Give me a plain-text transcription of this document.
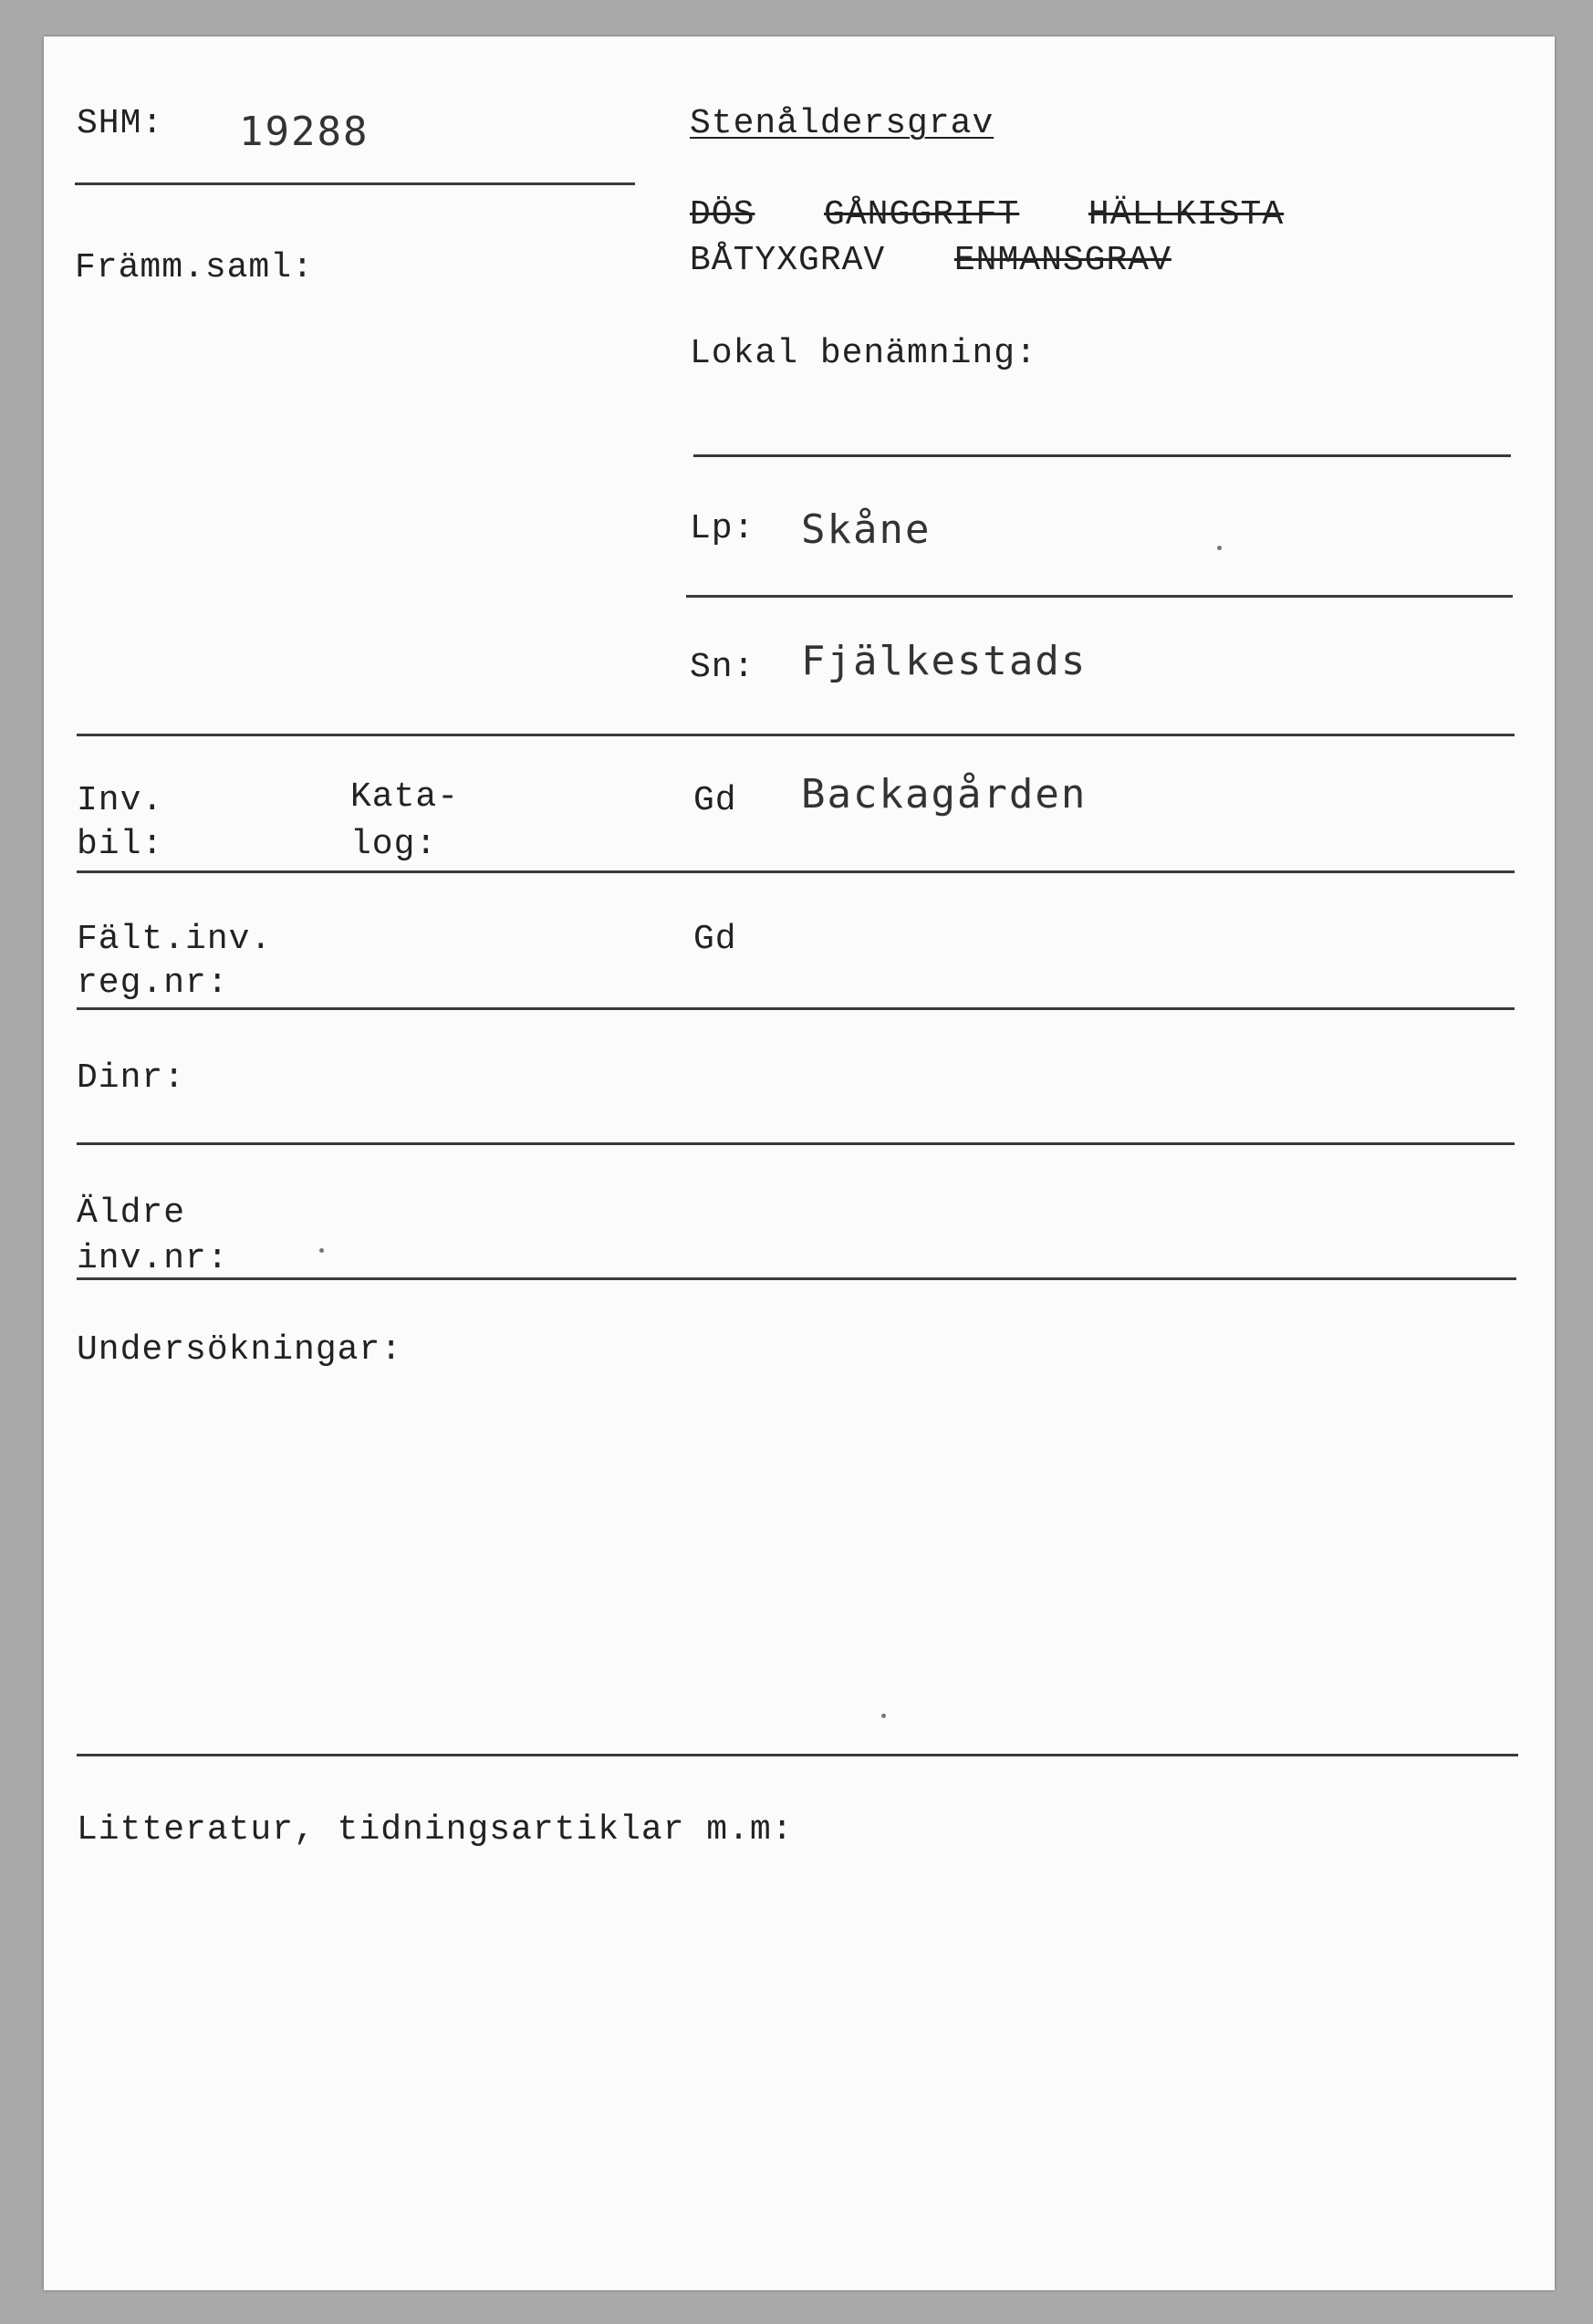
SHM: 19288	Stenåldersgrav
DÖS GÅNGGRIFT HÄLLKISTA
BÅTYXGRAV ENMANSGRAV
Främm.saml:
Lokal benämning:
Lp: Skåne
Sn: Fjälkestads
Inv.
bil:
Kata-
log:
Gd Backagården
Fält.inv.
reg.nr:
Gd
Dinr:
Äldre
inv.nr:
Undersökningar:
Litteratur, tidningsartiklar m.m:
